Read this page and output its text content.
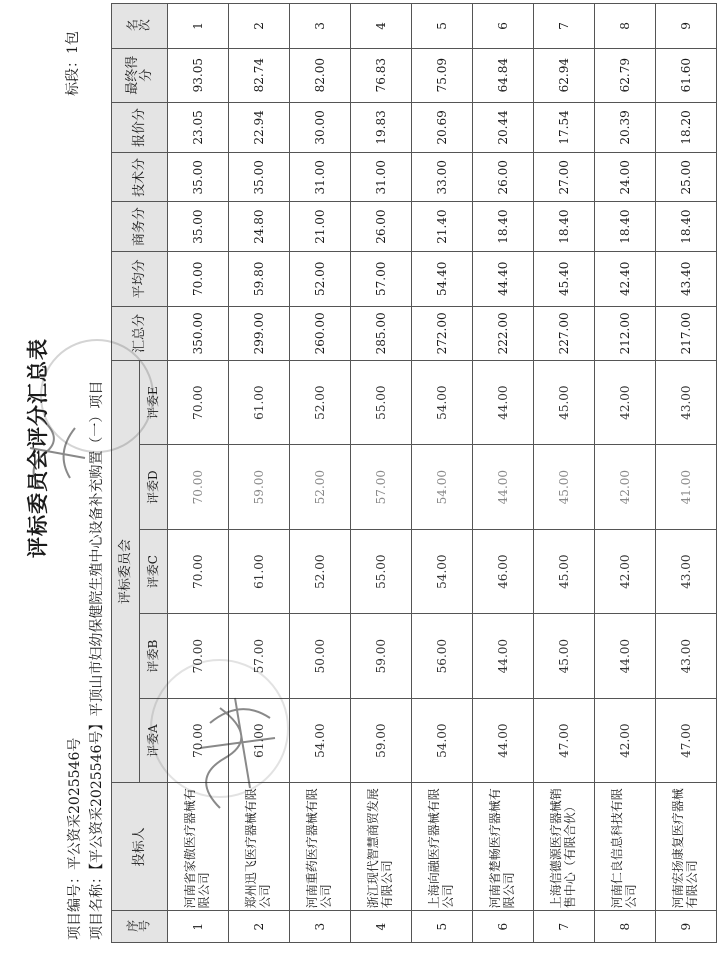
评标委员会评分汇总表
项目编号：平公资采2025546号 项目名称：【平公资采2025546号】平顶山市妇幼保健院生殖中心设备补充购置（一）项目
标段：1包
序号	投标人	评标委员会					汇总分	平均分	商务分	技术分	报价分	最终得分	名次
		评委A	评委B	评委C	评委D	评委E							
1	河南省家傲医疗器械有限公司	70.00	70.00	70.00	70.00	70.00	350.00	70.00	35.00	35.00	23.05	93.05	1
2	郑州迅飞医疗器械有限公司	61.00	57.00	61.00	59.00	61.00	299.00	59.80	24.80	35.00	22.94	82.74	2
3	河南重药医疗器械有限公司	54.00	50.00	52.00	52.00	52.00	260.00	52.00	21.00	31.00	30.00	82.00	3
4	浙江现代智慧商贸发展有限公司	59.00	59.00	55.00	57.00	55.00	285.00	57.00	26.00	31.00	19.83	76.83	4
5	上海向融医疗器械有限公司	54.00	56.00	54.00	54.00	54.00	272.00	54.40	21.40	33.00	20.69	75.09	5
6	河南省楚畅医疗器械有限公司	44.00	44.00	46.00	44.00	44.00	222.00	44.40	18.40	26.00	20.44	64.84	6
7	上海信德源医疗器械销售中心（有限合伙）	47.00	45.00	45.00	45.00	45.00	227.00	45.40	18.40	27.00	17.54	62.94	7
8	河南仁良信息科技有限公司	42.00	44.00	42.00	42.00	42.00	212.00	42.40	18.40	24.00	20.39	62.79	8
9	河南宏扬康复医疗器械有限公司	47.00	43.00	43.00	41.00	43.00	217.00	43.40	18.40	25.00	18.20	61.60	9
